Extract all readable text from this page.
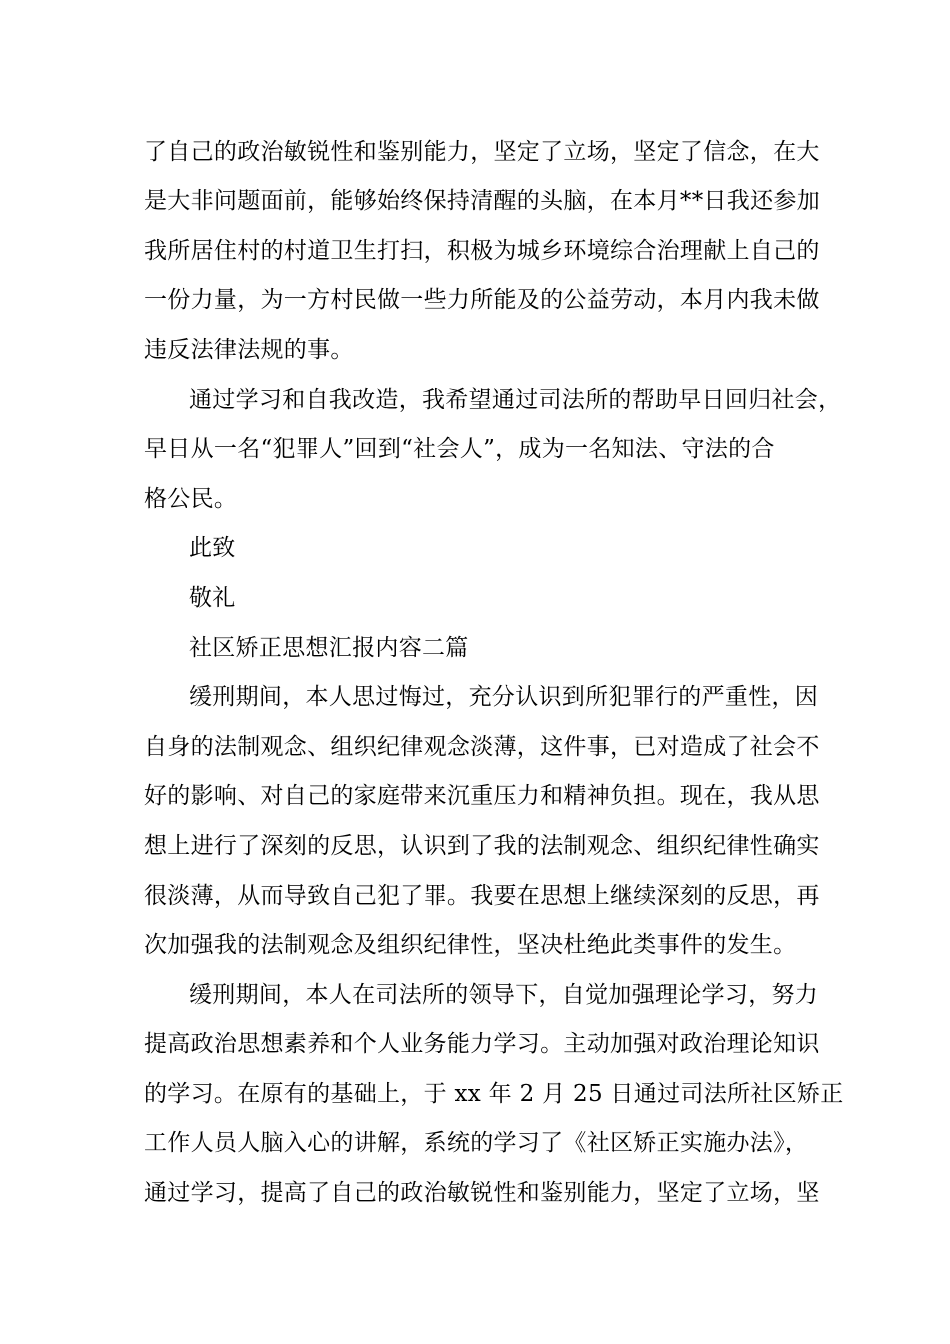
了自己的政治敏锐性和鉴别能力，坚定了立场，坚定了信念，在大
是大非问题面前，能够始终保持清醒的头脑，在本月**日我还参加
我所居住村的村道卫生打扫，积极为城乡环境综合治理献上自己的
一份力量，为一方村民做一些力所能及的公益劳动，本月内我未做
违反法律法规的事。
通过学习和自我改造，我希望通过司法所的帮助早日回归社会，
早日从一名“犯罪人”回到“社会人”，成为一名知法、守法的合
格公民。
此致
敬礼
社区矫正思想汇报内容二篇
缓刑期间，本人思过悔过，充分认识到所犯罪行的严重性，因
自身的法制观念、组织纪律观念淡薄，这件事，已对造成了社会不
好的影响、对自己的家庭带来沉重压力和精神负担。现在，我从思
想上进行了深刻的反思，认识到了我的法制观念、组织纪律性确实
很淡薄，从而导致自己犯了罪。我要在思想上继续深刻的反思，再
次加强我的法制观念及组织纪律性，坚决杜绝此类事件的发生。
缓刑期间，本人在司法所的领导下，自觉加强理论学习，努力
提高政治思想素养和个人业务能力学习。主动加强对政治理论知识
的学习。在原有的基础上，于 xx 年 2 月 25 日通过司法所社区矫正
工作人员人脑入心的讲解，系统的学习了《社区矫正实施办法》，
通过学习，提高了自己的政治敏锐性和鉴别能力，坚定了立场，坚
